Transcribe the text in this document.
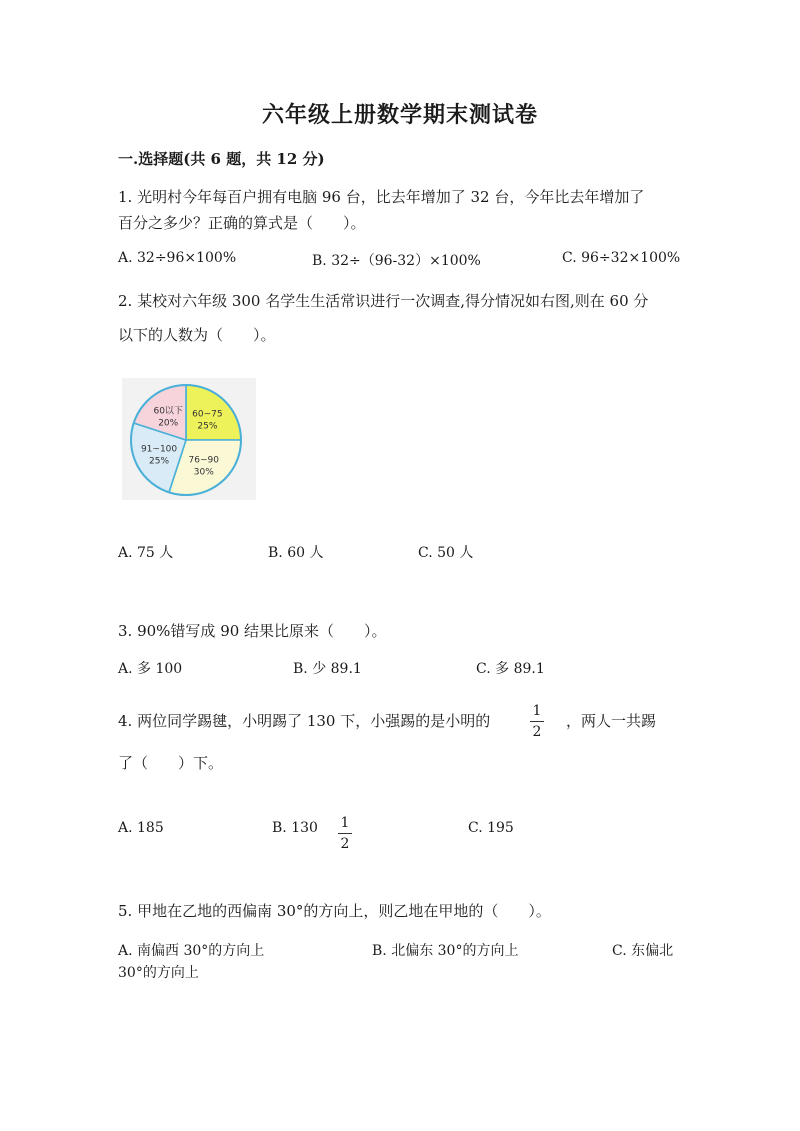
六年级上册数学期末测试卷
一.选择题(共 6 题，共 12 分)
1. 光明村今年每百户拥有电脑 96 台，比去年增加了 32 台，今年比去年增加了
百分之多少？正确的算式是（　　）。
A. 32÷96×100%	B. 32÷（96-32）×100%	C. 96÷32×100%
2. 某校对六年级 300 名学生生活常识进行一次调查,得分情况如右图,则在 60 分
以下的人数为（　　）。
60~75
25%
76~90
30%
91~100
25%
60以下
20%
A. 75 人	B. 60 人	C. 50 人
3. 90%错写成 90 结果比原来（　　）。
A. 多 100	B. 少 89.1	C. 多 89.1
4. 两位同学踢毽，小明踢了 130 下，小强踢的是小明的	$\frac{1}{2}$ ，两人一共踢
了（　　）下。
A. 185	B. $130 \frac{1}{2}$	C. 195
5. 甲地在乙地的西偏南 30°的方向上，则乙地在甲地的（　　）。
A. 南偏西 30°的方向上	B. 北偏东 30°的方向上	C. 东偏北
30°的方向上
